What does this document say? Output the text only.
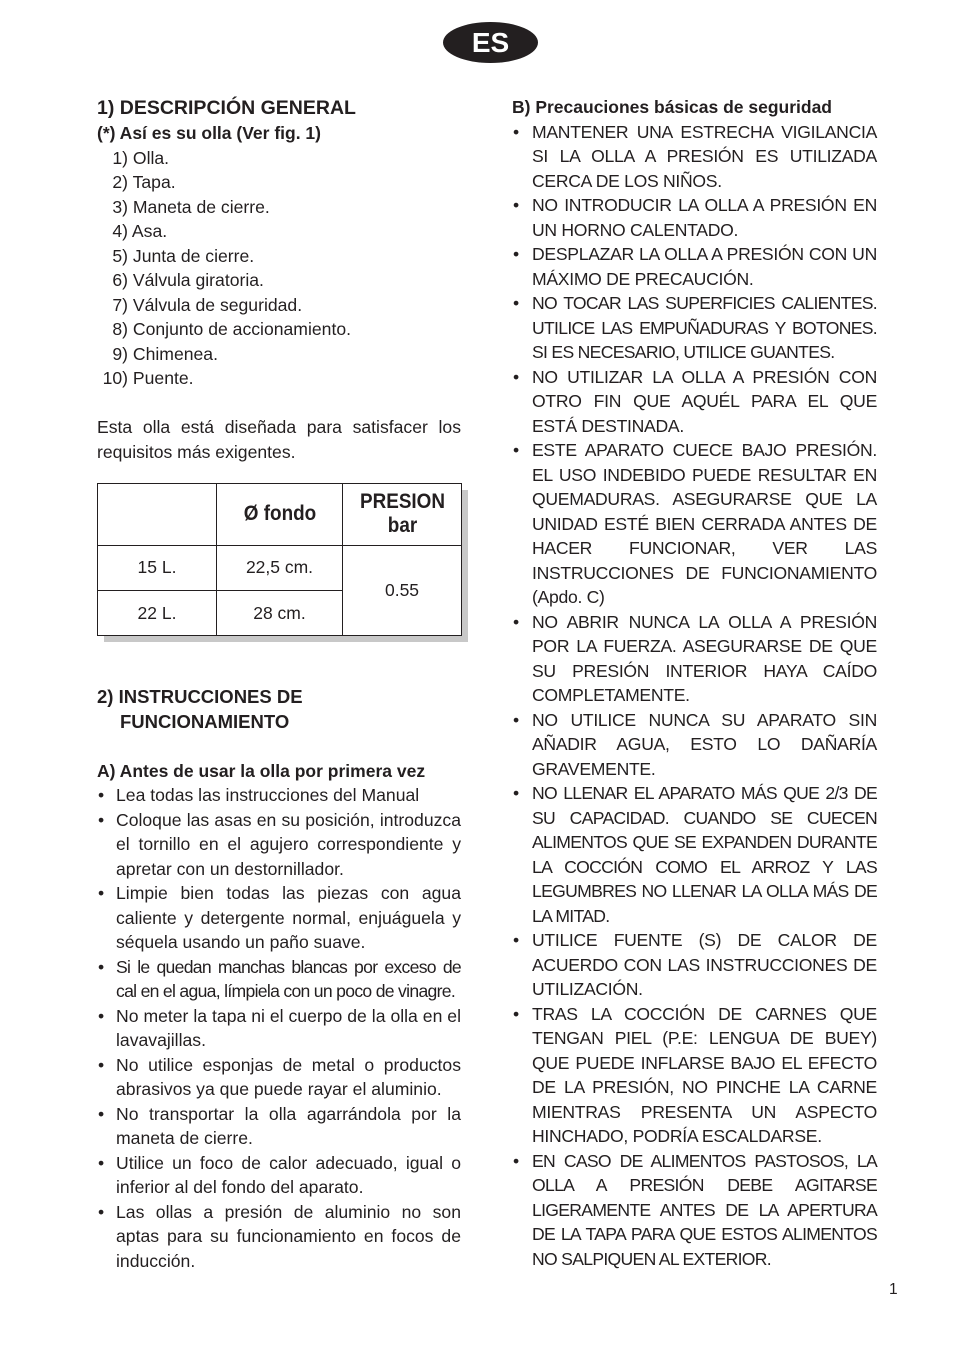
ES
1) DESCRIPCIÓN GENERAL
(*) Así es su olla (Ver fig. 1)
1) Olla.
2) Tapa.
3) Maneta de cierre.
4) Asa.
5) Junta de cierre.
6) Válvula giratoria.
7) Válvula de seguridad.
8) Conjunto de accionamiento.
9) Chimenea.
10) Puente.
Esta olla está diseñada para satisfacer los requisitos más exigentes.
	Ø fondo	PRESION bar
15 L.	22,5 cm.	0.55
22 L.	28 cm.	
2) INSTRUCCIONES DE
FUNCIONAMIENTO
A) Antes de usar la olla por primera vez
• Lea todas las instrucciones del Manual
• Coloque las asas en su posición, introduzca el tornillo en el agujero correspondiente y apretar con un destornillador.
• Limpie bien todas las piezas con agua caliente y detergente normal, enjuáguela y séquela usando un paño suave.
• Si le quedan manchas blancas por exceso de cal en el agua, límpiela con un poco de vinagre.
• No meter la tapa ni el cuerpo de la olla en el lavavajillas.
• No utilice esponjas de metal o productos abrasivos ya que puede rayar el aluminio.
• No transportar la olla agarrándola por la maneta de cierre.
• Utilice un foco de calor adecuado, igual o inferior al del fondo del aparato.
• Las ollas a presión de aluminio no son aptas para su funcionamiento en focos de inducción.
B) Precauciones básicas de seguridad
• MANTENER UNA ESTRECHA VIGILANCIA SI LA OLLA A PRESIÓN ES UTILIZADA CERCA DE LOS NIÑOS.
• NO INTRODUCIR LA OLLA A PRESIÓN EN UN HORNO CALENTADO.
• DESPLAZAR LA OLLA A PRESIÓN CON UN MÁXIMO DE PRECAUCIÓN.
• NO TOCAR LAS SUPERFICIES CALIENTES. UTILICE LAS EMPUÑADURAS Y BOTONES. SI ES NECESARIO, UTILICE GUANTES.
• NO UTILIZAR LA OLLA A PRESIÓN CON OTRO FIN QUE AQUÉL PARA EL QUE ESTÁ DESTINADA.
• ESTE APARATO CUECE BAJO PRESIÓN. EL USO INDEBIDO PUEDE RESULTAR EN QUEMADURAS. ASEGURARSE QUE LA UNIDAD ESTÉ BIEN CERRADA ANTES DE HACER FUNCIONAR, VER LAS INSTRUCCIONES DE FUNCIONAMIENTO (Apdo. C)
• NO ABRIR NUNCA LA OLLA A PRESIÓN POR LA FUERZA. ASEGURARSE DE QUE SU PRESIÓN INTERIOR HAYA CAÍDO COMPLETAMENTE.
• NO UTILICE NUNCA SU APARATO SIN AÑADIR AGUA, ESTO LO DAÑARÍA GRAVEMENTE.
• NO LLENAR EL APARATO MÁS QUE 2/3 DE SU CAPACIDAD. CUANDO SE CUECEN ALIMENTOS QUE SE EXPANDEN DURANTE LA COCCIÓN COMO EL ARROZ Y LAS LEGUMBRES NO LLENAR LA OLLA MÁS DE LA MITAD.
• UTILICE FUENTE (S) DE CALOR DE ACUERDO CON LAS INSTRUCCIONES DE UTILIZACIÓN.
• TRAS LA COCCIÓN DE CARNES QUE TENGAN PIEL (P.E: LENGUA DE BUEY) QUE PUEDE INFLARSE BAJO EL EFECTO DE LA PRESIÓN, NO PINCHE LA CARNE MIENTRAS PRESENTA UN ASPECTO HINCHADO, PODRÍA ESCALDARSE.
• EN CASO DE ALIMENTOS PASTOSOS, LA OLLA A PRESIÓN DEBE AGITARSE LIGERAMENTE ANTES DE LA APERTURA DE LA TAPA PARA QUE ESTOS ALIMENTOS NO SALPIQUEN AL EXTERIOR.
1
